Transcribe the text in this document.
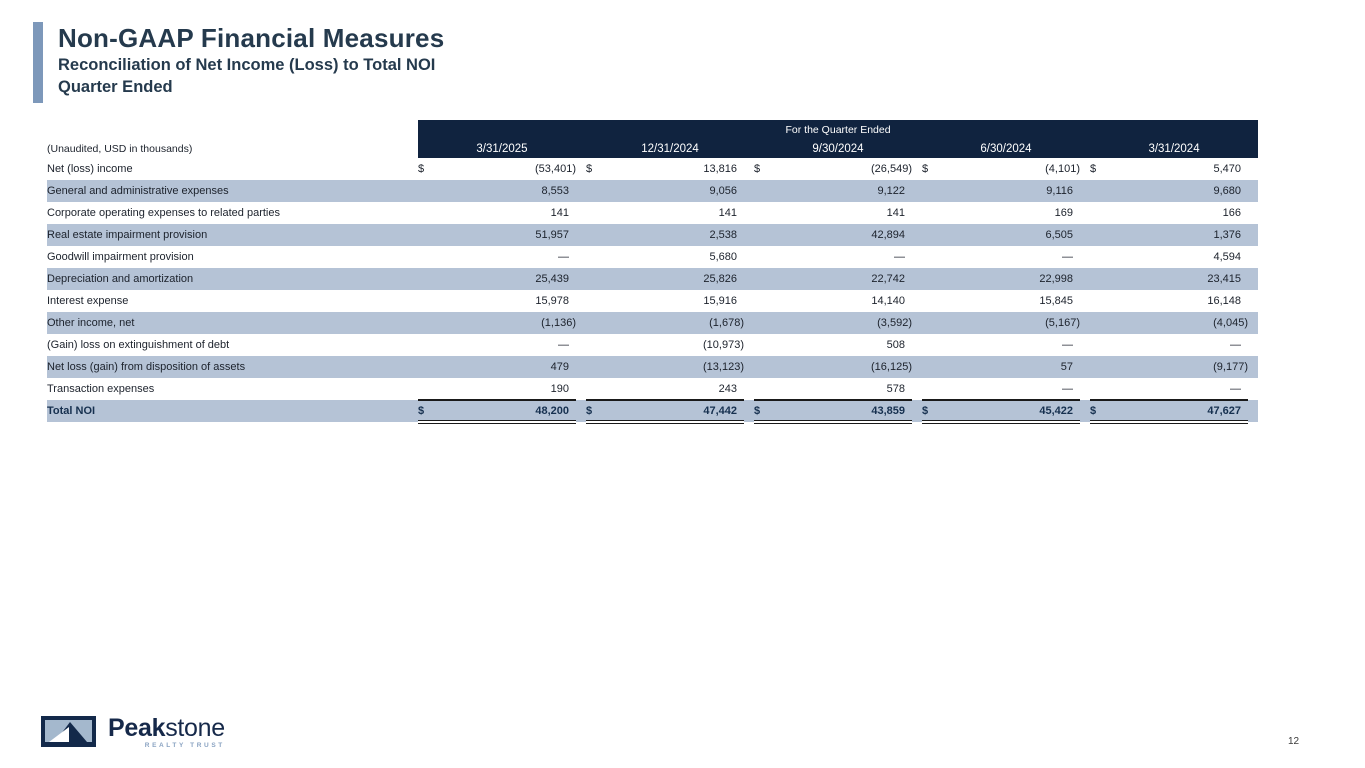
Non-GAAP Financial Measures
Reconciliation of Net Income (Loss) to Total NOI
Quarter Ended
	For the Quarter Ended														
(Unaudited, USD in thousands)	3/31/2025			12/31/2024			9/30/2024			6/30/2024			3/31/2024		
Net (loss) income	$	(53,401)		$	13,816		$	(26,549)		$	(4,101)		$	5,470	
General and administrative expenses		8,553			9,056			9,122			9,116			9,680	
Corporate operating expenses to related parties		141			141			141			169			166	
Real estate impairment provision		51,957			2,538			42,894			6,505			1,376	
Goodwill impairment provision		—			5,680			—			—			4,594	
Depreciation and amortization		25,439			25,826			22,742			22,998			23,415	
Interest expense		15,978			15,916			14,140			15,845			16,148	
Other income, net		(1,136)			(1,678)			(3,592)			(5,167)			(4,045)	
(Gain) loss on extinguishment of debt		—			(10,973)			508			—			—	
Net loss (gain) from disposition of assets		479			(13,123)			(16,125)			57			(9,177)	
Transaction expenses		190			243			578			—			—	
Total NOI	$	48,200		$	47,442		$	43,859		$	45,422		$	47,627	
Peakstone
REALTY TRUST	12
